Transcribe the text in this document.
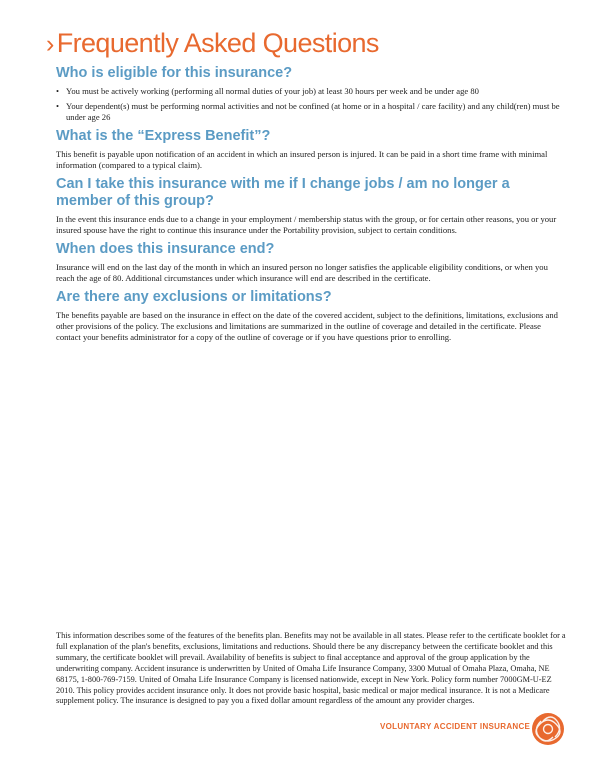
› Frequently Asked Questions
Who is eligible for this insurance?
• You must be actively working (performing all normal duties of your job) at least 30 hours per week and be under age 80
• Your dependent(s) must be performing normal activities and not be confined (at home or in a hospital / care facility) and any child(ren) must be under age 26
What is the “Express Benefit”?

This benefit is payable upon notification of an accident in which an insured person is injured. It can be paid in a short time frame with minimal information (compared to a typical claim).

Can I take this insurance with me if I change jobs / am no longer a member of this group?

In the event this insurance ends due to a change in your employment / membership status with the group, or for certain other reasons, you or your insured spouse have the right to continue this insurance under the Portability provision, subject to certain conditions.

When does this insurance end?

Insurance will end on the last day of the month in which an insured person no longer satisfies the applicable eligibility conditions, or when you reach the age of 80. Additional circumstances under which insurance will end are described in the certificate.

Are there any exclusions or limitations?

The benefits payable are based on the insurance in effect on the date of the covered accident, subject to the definitions, limitations, exclusions and other provisions of the policy. The exclusions and limitations are summarized in the outline of coverage and detailed in the certificate. Please contact your benefits administrator for a copy of the outline of coverage or if you have questions prior to enrolling.

This information describes some of the features of the benefits plan. Benefits may not be available in all states. Please refer to the certificate booklet for a full explanation of the plan's benefits, exclusions, limitations and reductions. Should there be any discrepancy between the certificate booklet and this summary, the certificate booklet will prevail. Availability of benefits is subject to final acceptance and approval of the group application by the underwriting company. Accident insurance is underwritten by United of Omaha Life Insurance Company, 3300 Mutual of Omaha Plaza, Omaha, NE 68175, 1-800-769-7159. United of Omaha Life Insurance Company is licensed nationwide, except in New York. Policy form number 7000GM-U-EZ 2010. This policy provides accident insurance only. It does not provide basic hospital, basic medical or major medical insurance. It is not a Medicare supplement policy. The insurance is designed to pay you a fixed dollar amount regardless of the amount any provider charges.

VOLUNTARY ACCIDENT INSURANCE
